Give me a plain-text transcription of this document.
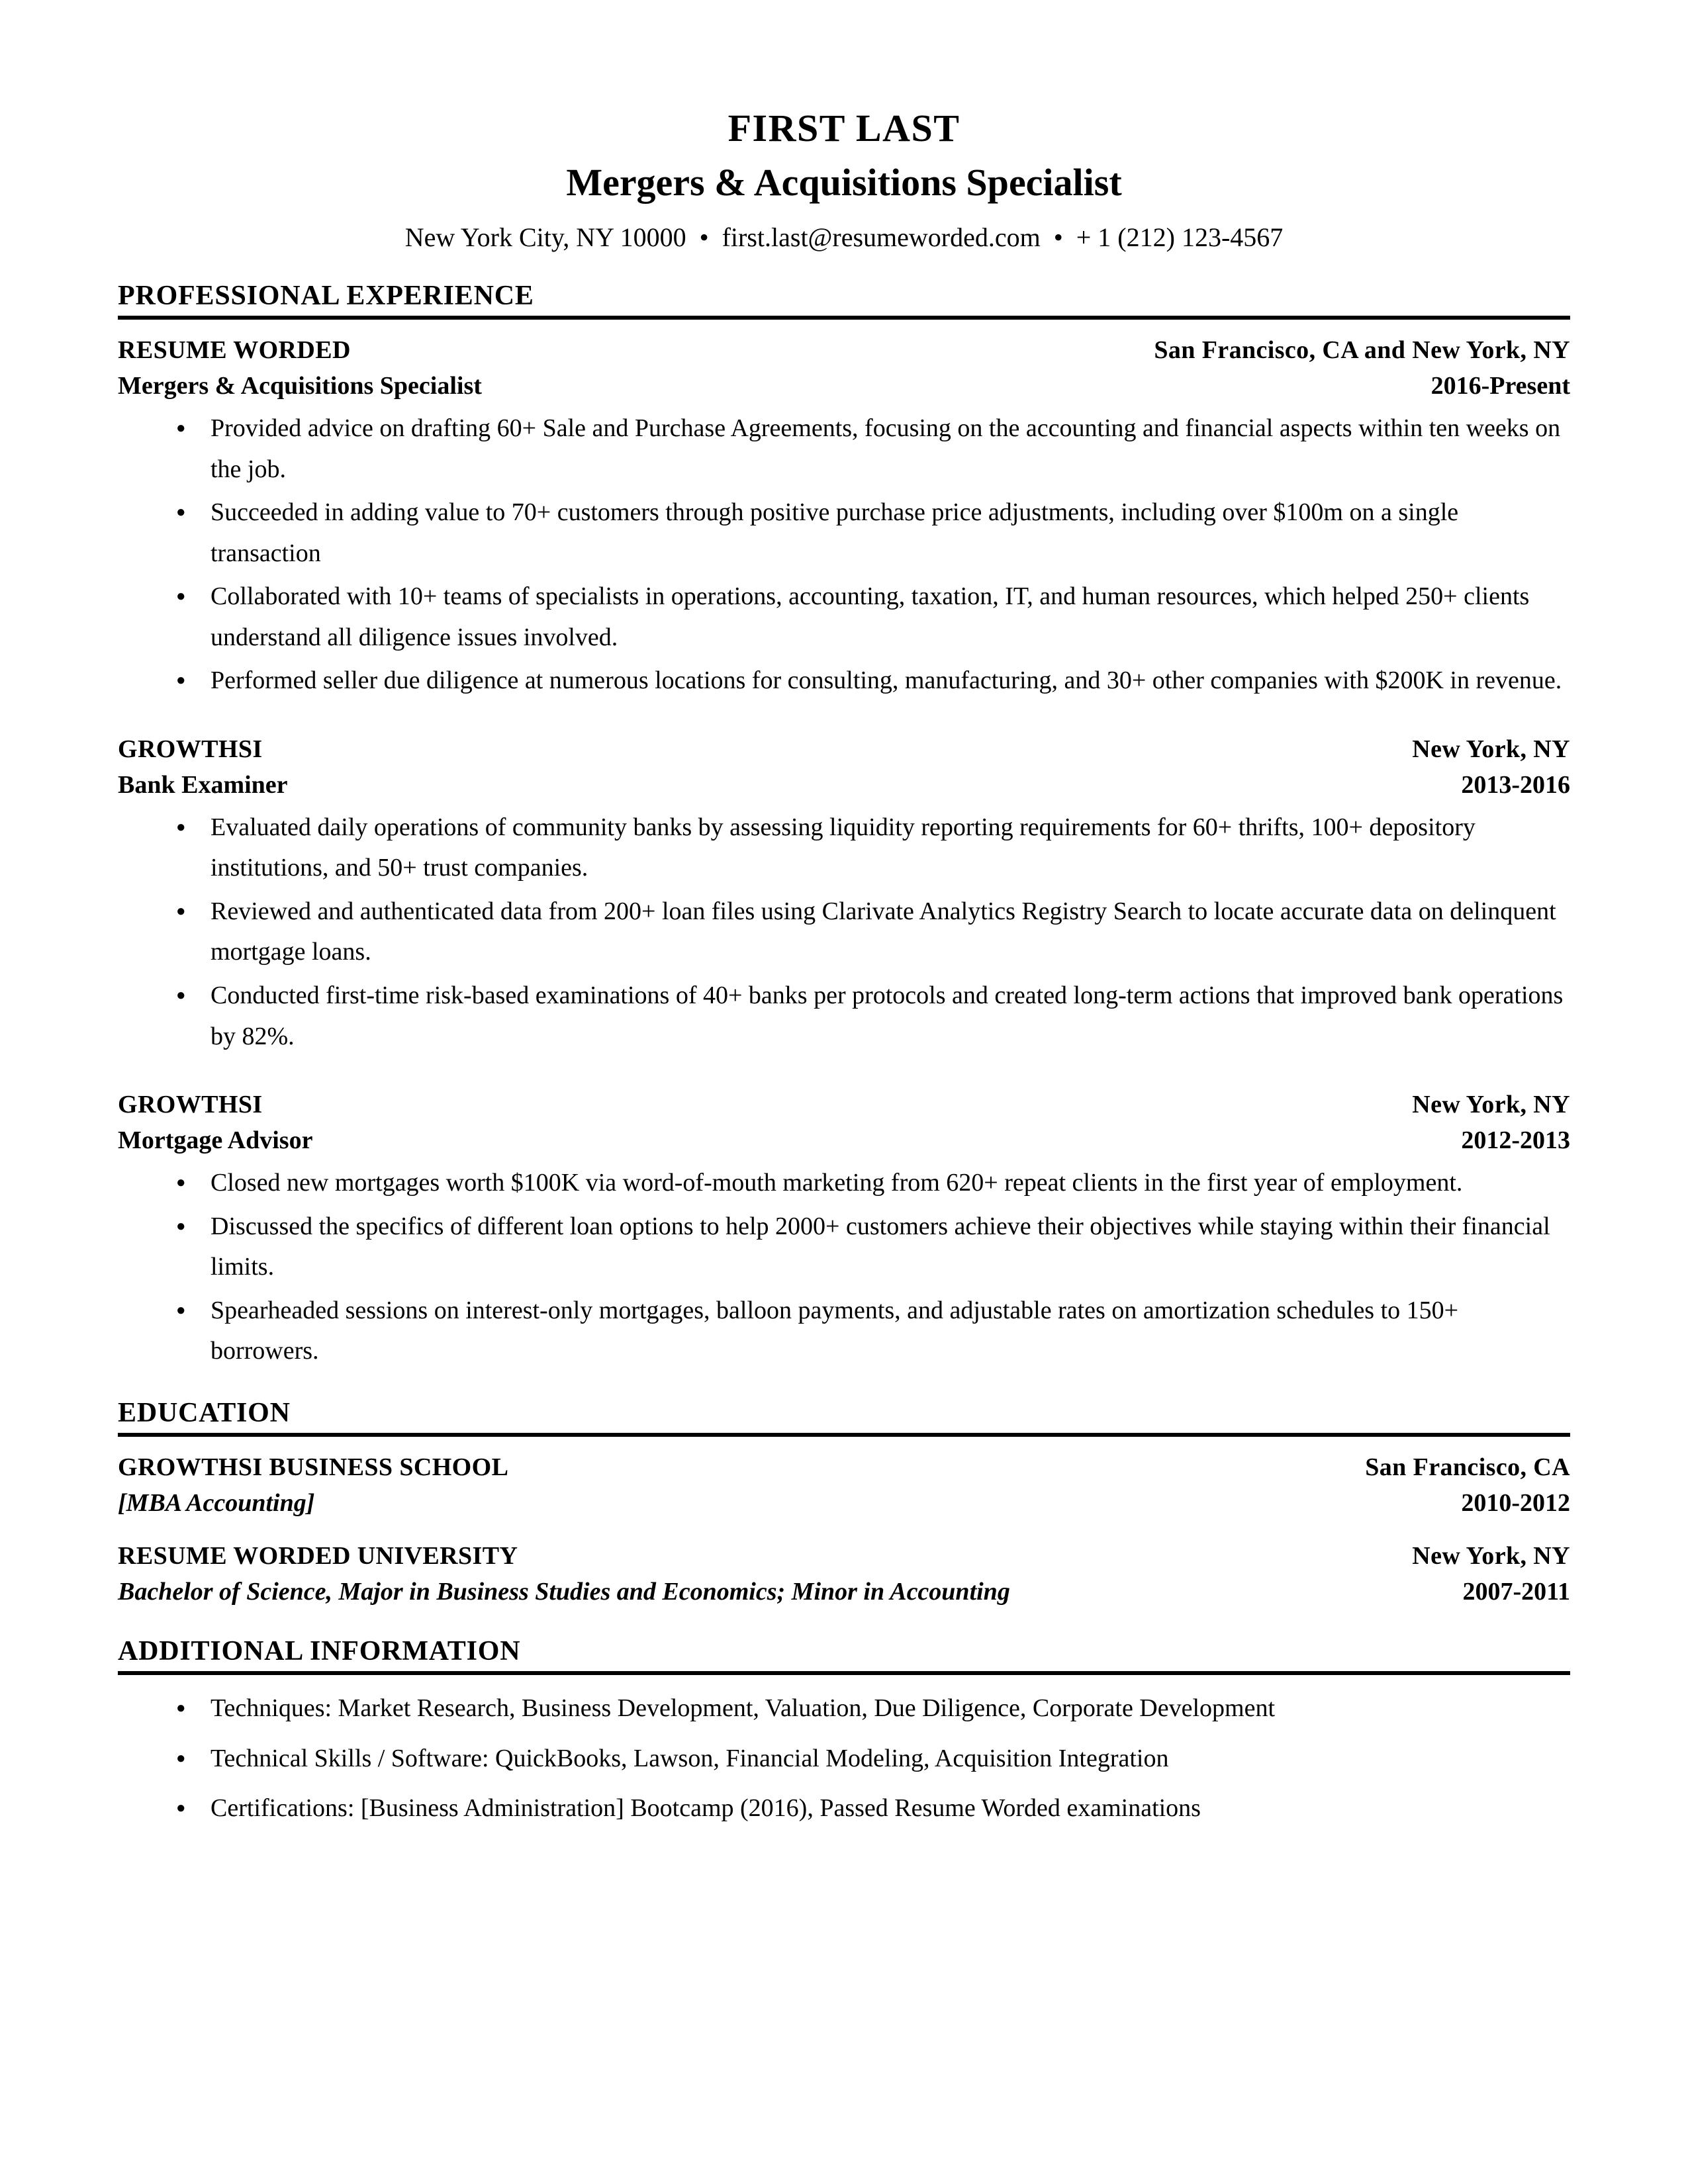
FIRST LAST
Mergers & Acquisitions Specialist
New York City, NY 10000 • first.last@resumeworded.com • + 1 (212) 123-4567
PROFESSIONAL EXPERIENCE
RESUME WORDED	San Francisco, CA and New York, NY
Mergers & Acquisitions Specialist	2016-Present
● Provided advice on drafting 60+ Sale and Purchase Agreements, focusing on the accounting and financial aspects within ten weeks on the job.
● Succeeded in adding value to 70+ customers through positive purchase price adjustments, including over $100m on a single transaction
● Collaborated with 10+ teams of specialists in operations, accounting, taxation, IT, and human resources, which helped 250+ clients understand all diligence issues involved.
● Performed seller due diligence at numerous locations for consulting, manufacturing, and 30+ other companies with $200K in revenue.
GROWTHSI	New York, NY
Bank Examiner	2013-2016
● Evaluated daily operations of community banks by assessing liquidity reporting requirements for 60+ thrifts, 100+ depository institutions, and 50+ trust companies.
● Reviewed and authenticated data from 200+ loan files using Clarivate Analytics Registry Search to locate accurate data on delinquent mortgage loans.
● Conducted first-time risk-based examinations of 40+ banks per protocols and created long-term actions that improved bank operations by 82%.
GROWTHSI	New York, NY
Mortgage Advisor	2012-2013
● Closed new mortgages worth $100K via word-of-mouth marketing from 620+ repeat clients in the first year of employment.
● Discussed the specifics of different loan options to help 2000+ customers achieve their objectives while staying within their financial limits.
● Spearheaded sessions on interest-only mortgages, balloon payments, and adjustable rates on amortization schedules to 150+ borrowers.
EDUCATION
GROWTHSI BUSINESS SCHOOL	San Francisco, CA
[MBA Accounting]	2010-2012
RESUME WORDED UNIVERSITY	New York, NY
Bachelor of Science, Major in Business Studies and Economics; Minor in Accounting	2007-2011
ADDITIONAL INFORMATION
● Techniques: Market Research, Business Development, Valuation, Due Diligence, Corporate Development
● Technical Skills / Software: QuickBooks, Lawson, Financial Modeling, Acquisition Integration
● Certifications: [Business Administration] Bootcamp (2016), Passed Resume Worded examinations
